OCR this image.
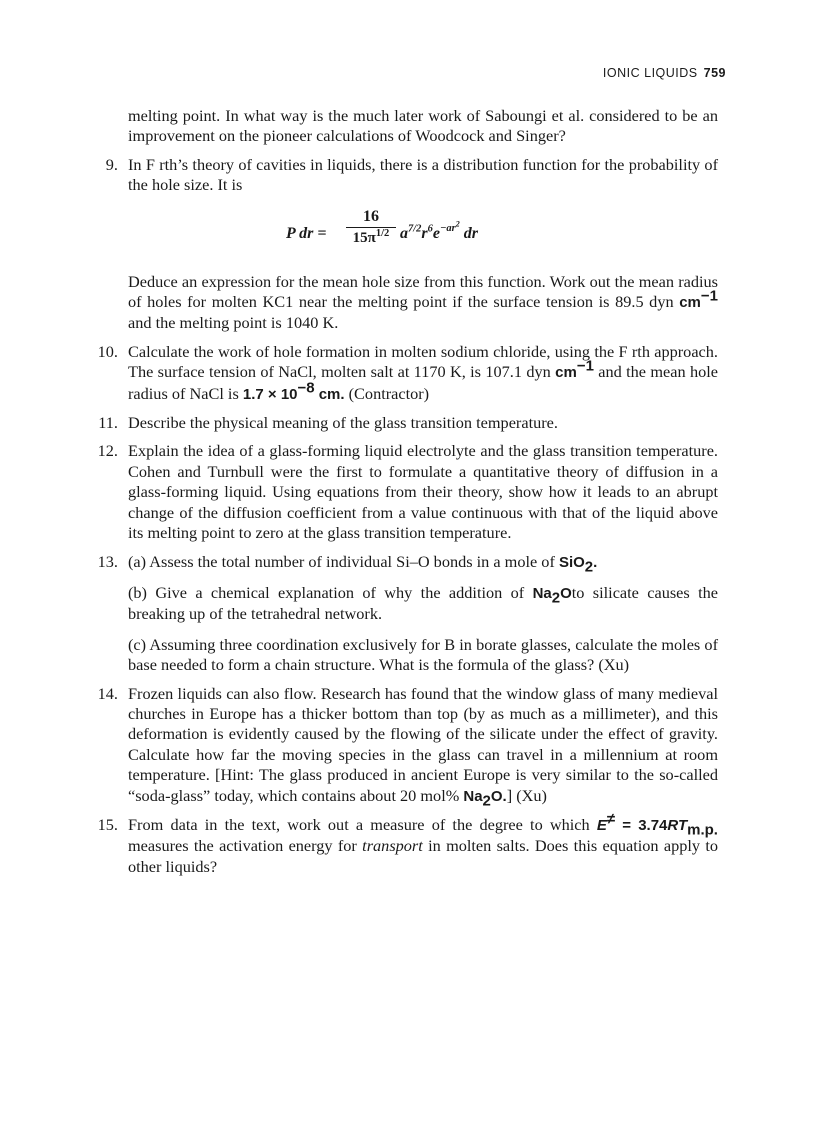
IONIC LIQUIDS 759

melting point. In what way is the much later work of Saboungi et al. considered to be an improvement on the pioneer calculations of Woodcock and Singer?

9. In F rth’s theory of cavities in liquids, there is a distribution function for the probability of the hole size. It is

P dr =
16
$15\pi^{1/2}$ $a^{7/2}r^6e^{-ar^2}$ dr

Deduce an expression for the mean hole size from this function. Work out the mean radius of holes for molten KC1 near the melting point if the surface tension is 89.5 dyn $cm^{-1}$ and the melting point is 1040 K.

10. Calculate the work of hole formation in molten sodium chloride, using the F rth approach. The surface tension of NaCl, molten salt at 1170 K, is 107.1 dyn $cm^{-1}$ and the mean hole radius of NaCl is $1.7 \times 10^{-8}$ cm. (Contractor)

11. Describe the physical meaning of the glass transition temperature.

12. Explain the idea of a glass-forming liquid electrolyte and the glass transition temperature. Cohen and Turnbull were the first to formulate a quantitative theory of diffusion in a glass-forming liquid. Using equations from their theory, show how it leads to an abrupt change of the diffusion coefficient from a value continuous with that of the liquid above its melting point to zero at the glass transition temperature.

13. (a) Assess the total number of individual Si–O bonds in a mole of SiO$_2$.

(b) Give a chemical explanation of why the addition of $Na_2Oto$ silicate causes the breaking up of the tetrahedral network.

(c) Assuming three coordination exclusively for B in borate glasses, calculate the moles of base needed to form a chain structure. What is the formula of the glass? (Xu)

14. Frozen liquids can also flow. Research has found that the window glass of many medieval churches in Europe has a thicker bottom than top (by as much as a millimeter), and this deformation is evidently caused by the flowing of the silicate under the effect of gravity. Calculate how far the moving species in the glass can travel in a millennium at room temperature. [Hint: The glass produced in ancient Europe is very similar to the so-called “soda-glass” today, which contains about 20 mol% $Na_2O$.] (Xu)

15. From data in the text, work out a measure of the degree to which $E^\ne = 3.74RT_{m.p.}$ measures the activation energy for transport in molten salts. Does this equation apply to other liquids?
